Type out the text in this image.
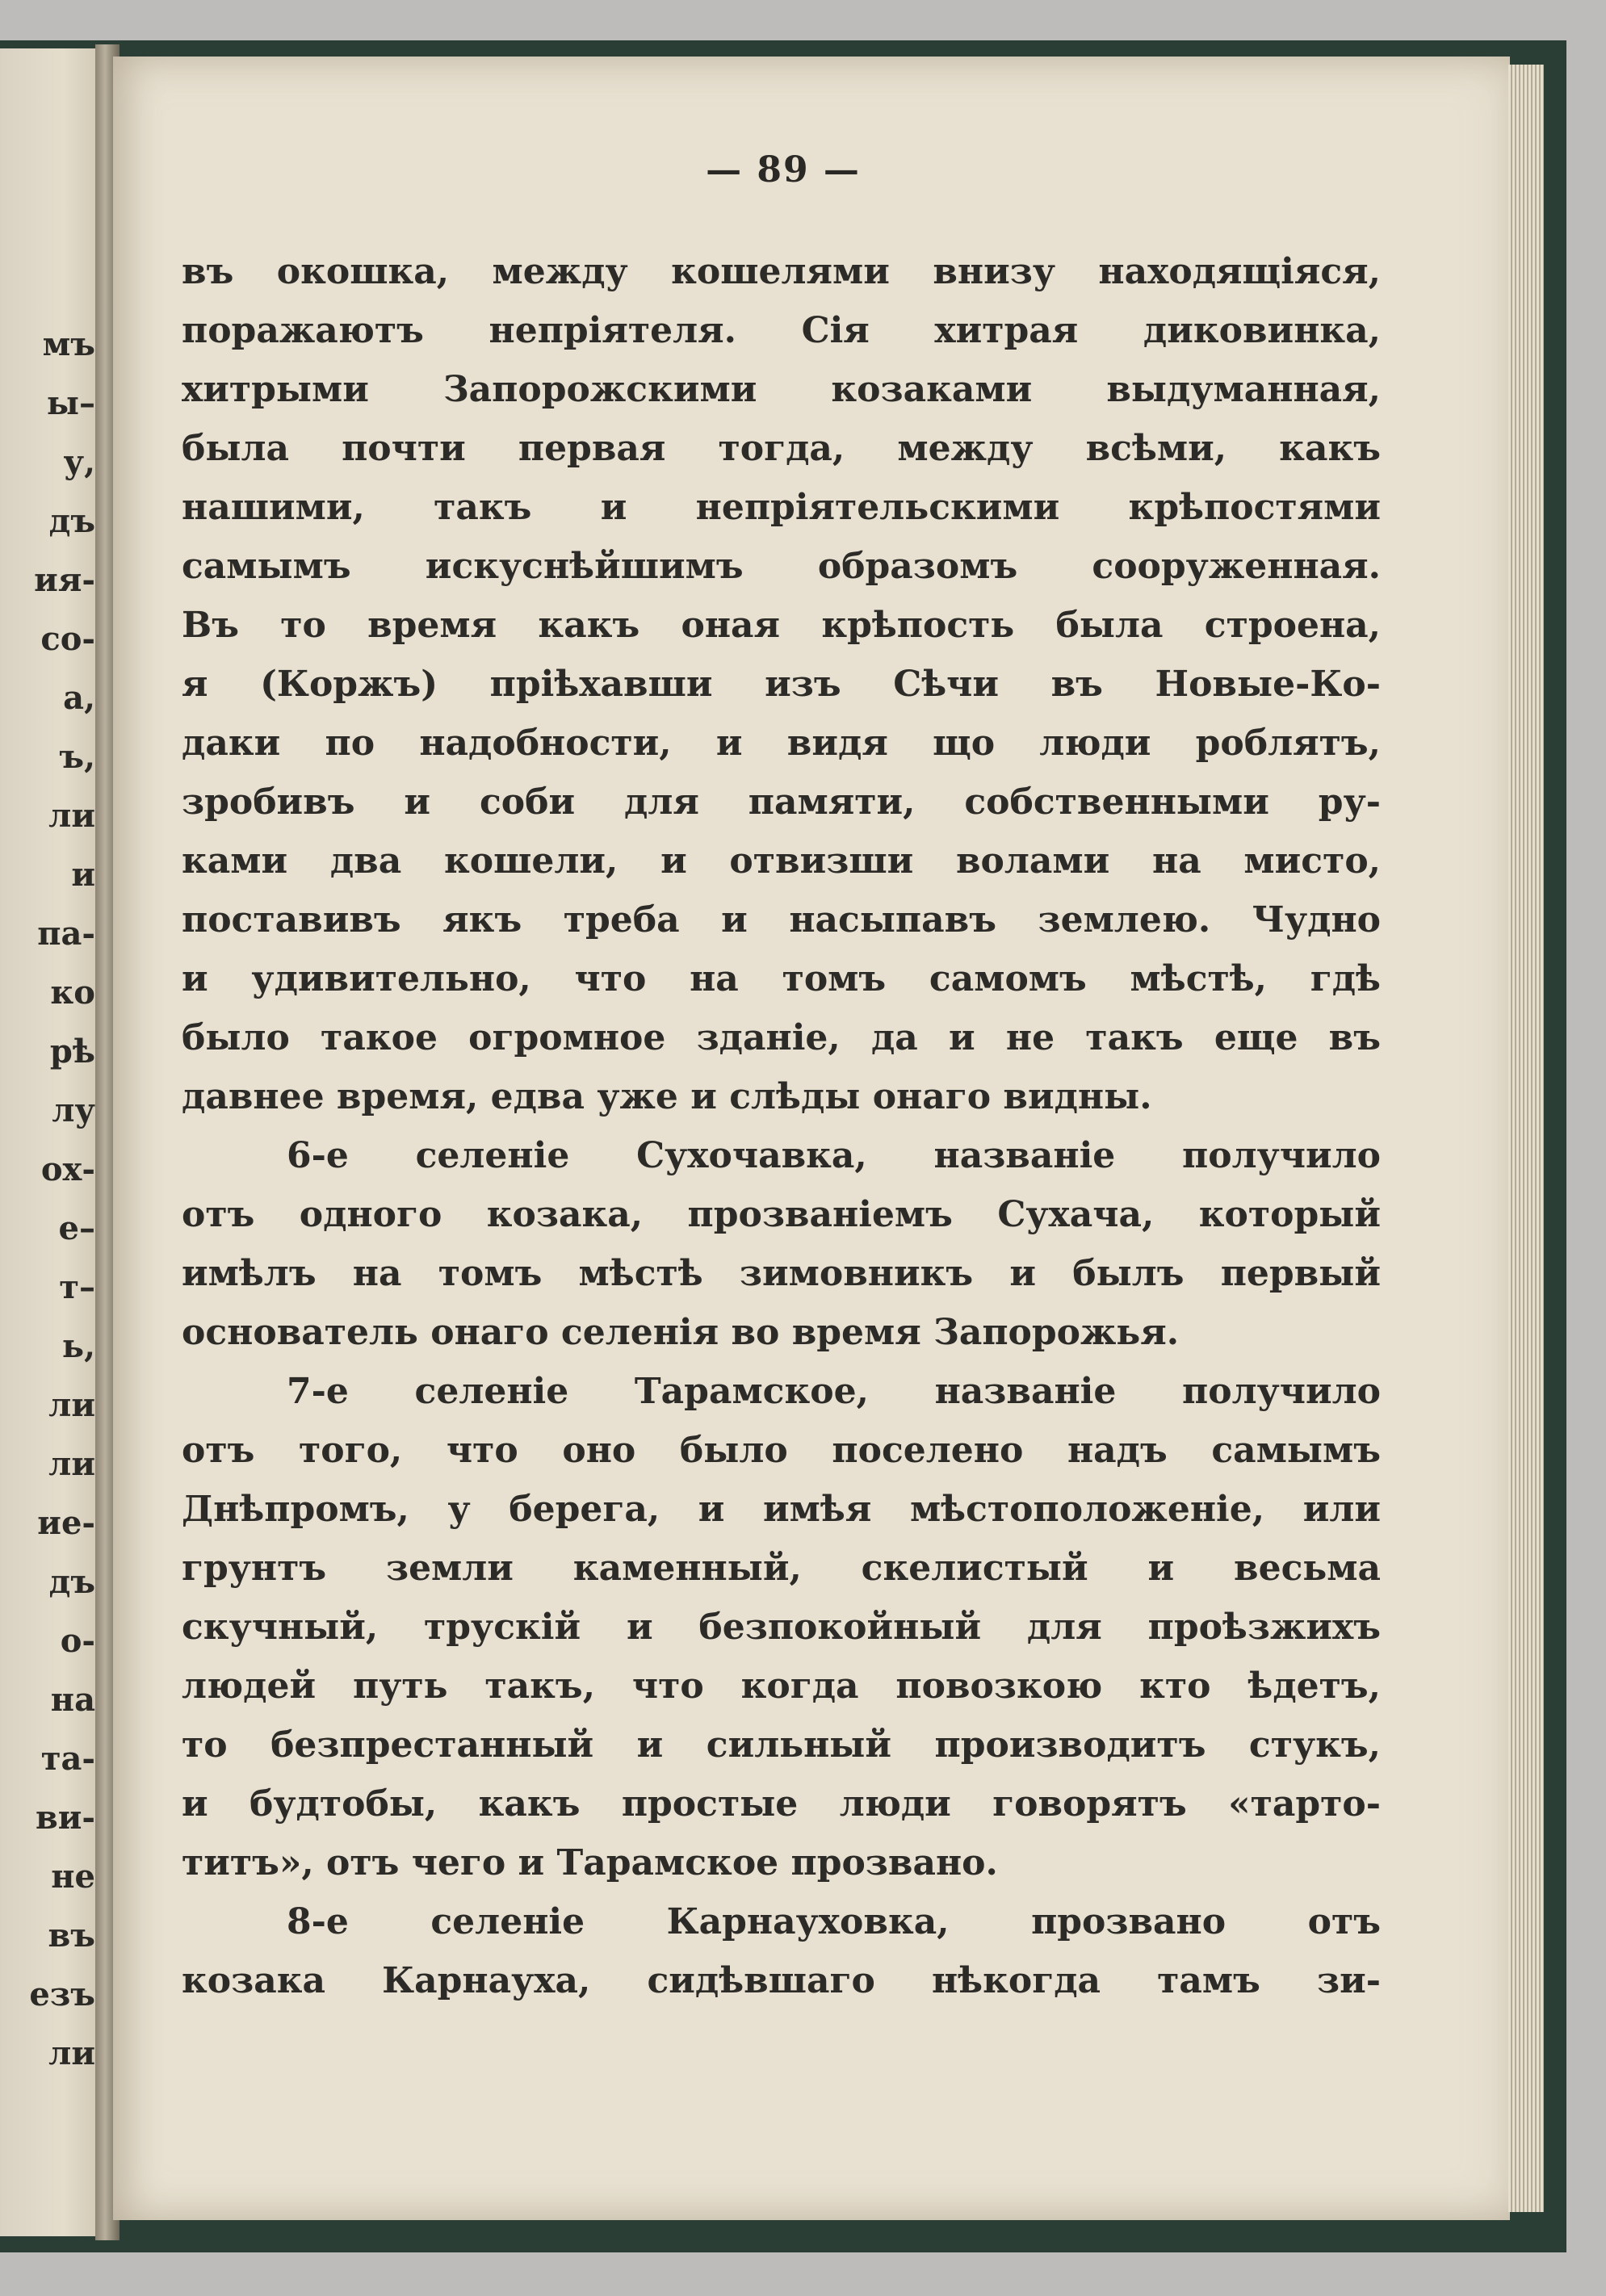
мъ
ы–
у,
дъ
ия-
со-
а,
ъ,
ли
и
па-
ко
рѣ
лу
ох-
е–
т–
ь,
ли
ли
ие-
дъ
о-
на
та-
ви-
не
въ
езъ
ли
— 89 —
въ окошка, между кошелями внизу находящіяся,
поражаютъ непріятеля. Сія хитрая диковинка,
хитрыми Запорожскими козаками выдуманная,
была почти первая тогда, между всѣми, какъ
нашими, такъ и непріятельскими крѣпостями
самымъ искуснѣйшимъ образомъ сооруженная.
Въ то время какъ оная крѣпость была строена,
я (Коржъ) пріѣхавши изъ Сѣчи въ Новые-Ко-
даки по надобности, и видя що люди роблятъ,
зробивъ и соби для памяти, собственными ру-
ками два кошели, и отвизши волами на мисто,
поставивъ якъ треба и насыпавъ землею. Чудно
и удивительно, что на томъ самомъ мѣстѣ, гдѣ
было такое огромное зданіе, да и не такъ еще въ
давнее время, едва уже и слѣды онаго видны.
6-е селеніе Сухочавка, названіе получило
отъ одного козака, прозваніемъ Сухача, который
имѣлъ на томъ мѣстѣ зимовникъ и былъ первый
основатель онаго селенія во время Запорожья.
7-е селеніе Тарамское, названіе получило
отъ того, что оно было поселено надъ самымъ
Днѣпромъ, у берега, и имѣя мѣстоположеніе, или
грунтъ земли каменный, скелистый и весьма
скучный, трускій и безпокойный для проѣзжихъ
людей путь такъ, что когда повозкою кто ѣдетъ,
то безпрестанный и сильный производитъ стукъ,
и будтобы, какъ простые люди говорятъ «тарто-
титъ», отъ чего и Тарамское прозвано.
8-е селеніе Карнауховка, прозвано отъ
козака Карнауха, сидѣвшаго нѣкогда тамъ зи-
